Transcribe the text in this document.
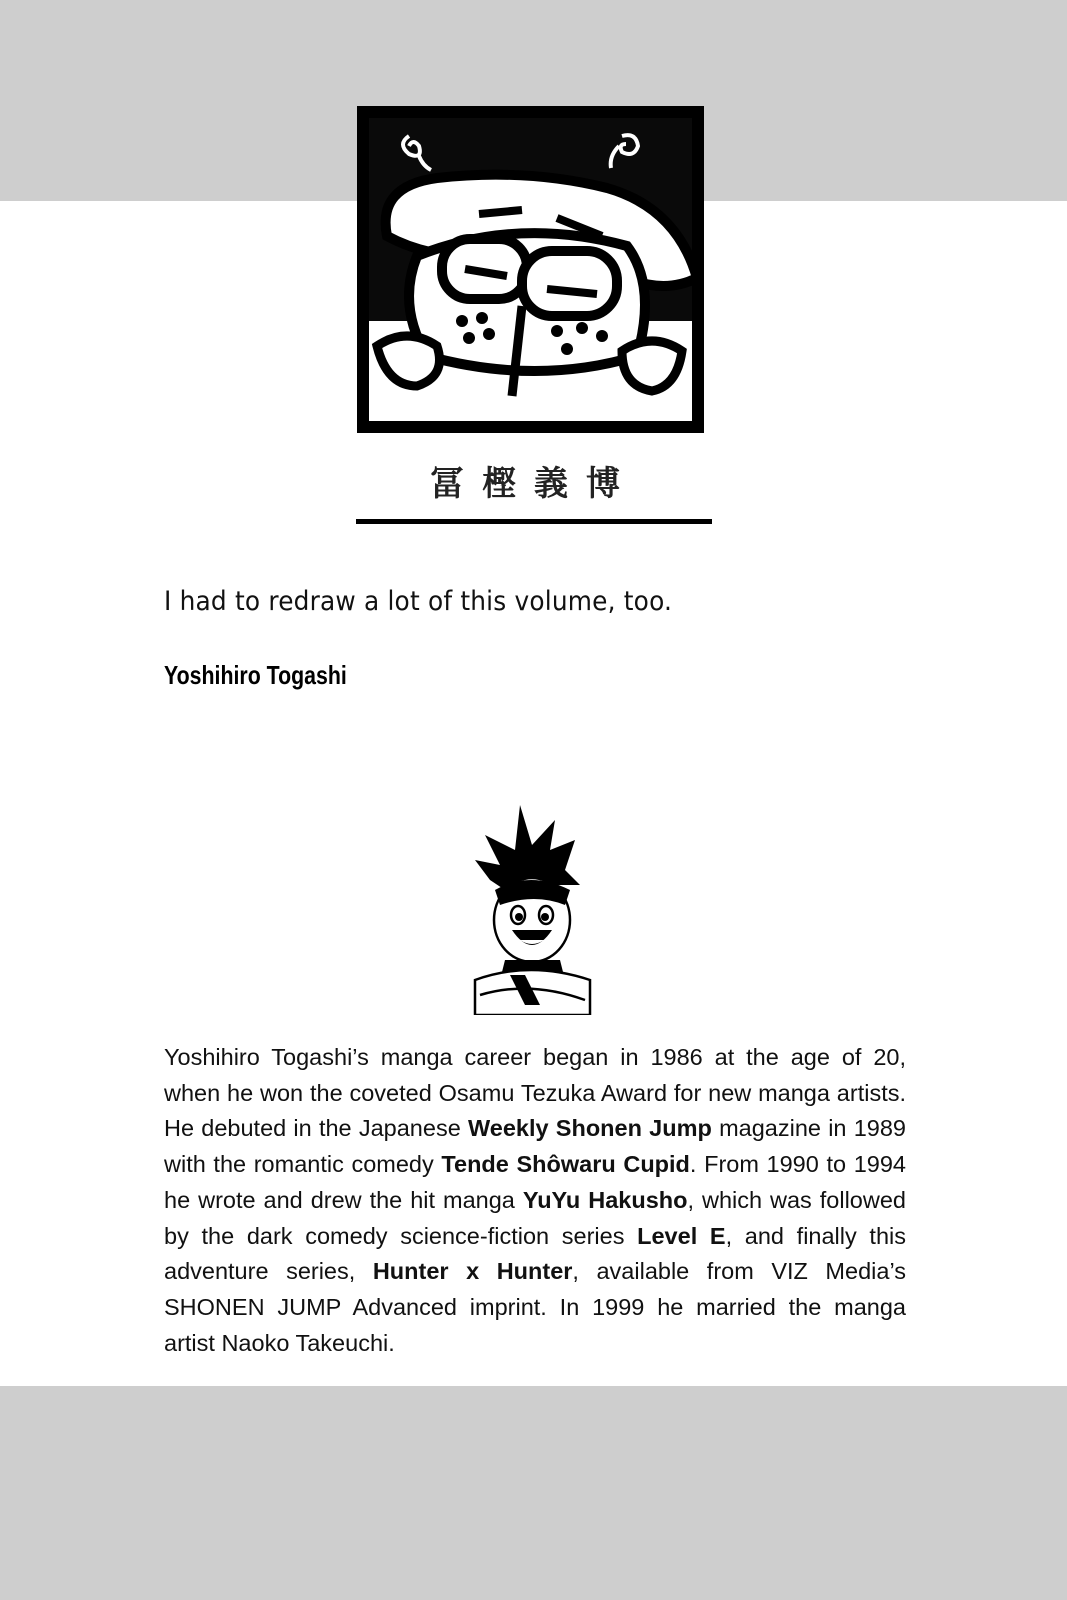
冨樫義博
I had to redraw a lot of this volume, too.
Yoshihiro Togashi
Yoshihiro Togashi’s manga career began in 1986 at the age of 20, when he won the coveted Osamu Tezuka Award for new manga artists. He debuted in the Japanese Weekly Shonen Jump magazine in 1989 with the romantic comedy Tende Shôwaru Cupid. From 1990 to 1994 he wrote and drew the hit manga YuYu Hakusho, which was followed by the dark comedy science-fiction series Level E, and finally this adventure series, Hunter x Hunter, available from VIZ Media’s SHONEN JUMP Advanced imprint. In 1999 he married the manga artist Naoko Takeuchi.
